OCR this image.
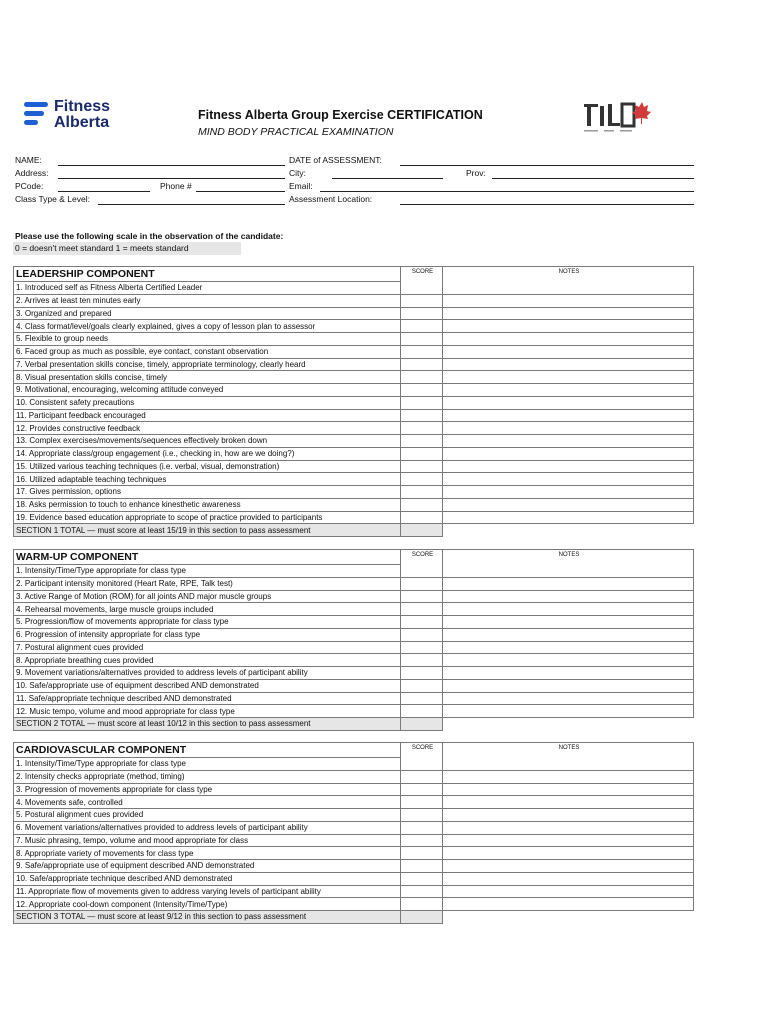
Fitness
Alberta	Fitness Alberta Group Exercise CERTIFICATION
MIND BODY PRACTICAL EXAMINATION
NAME:
Address:
PCode:	Phone #
Class Type & Level:
DATE of ASSESSMENT:
City:	Prov:
Email:
Assessment Location:
Please use the following scale in the observation of the candidate:
0 = doesn't meet standard 1 = meets standard
LEADERSHIP COMPONENT	SCORE	NOTES
1. Introduced self as Fitness Alberta Certified Leader		
2. Arrives at least ten minutes early		
3. Organized and prepared		
4. Class format/level/goals clearly explained, gives a copy of lesson plan to assessor		
5. Flexible to group needs		
6. Faced group as much as possible, eye contact, constant observation		
7. Verbal presentation skills concise, timely, appropriate terminology, clearly heard		
8. Visual presentation skills concise, timely		
9. Motivational, encouraging, welcoming attitude conveyed		
10. Consistent safety precautions		
11. Participant feedback encouraged		
12. Provides constructive feedback		
13. Complex exercises/movements/sequences effectively broken down		
14. Appropriate class/group engagement (i.e., checking in, how are we doing?)		
15. Utilized various teaching techniques (i.e. verbal, visual, demonstration)		
16. Utilized adaptable teaching techniques		
17. Gives permission, options		
18. Asks permission to touch to enhance kinesthetic awareness		
19. Evidence based education appropriate to scope of practice provided to participants		
SECTION 1 TOTAL — must score at least 15/19 in this section to pass assessment		
WARM-UP COMPONENT	SCORE	NOTES
1. Intensity/Time/Type appropriate for class type		
2. Participant intensity monitored (Heart Rate, RPE, Talk test)		
3. Active Range of Motion (ROM) for all joints AND major muscle groups		
4. Rehearsal movements, large muscle groups included		
5. Progression/flow of movements appropriate for class type		
6. Progression of intensity appropriate for class type		
7. Postural alignment cues provided		
8. Appropriate breathing cues provided		
9. Movement variations/alternatives provided to address levels of participant ability		
10. Safe/appropriate use of equipment described AND demonstrated		
11. Safe/appropriate technique described AND demonstrated		
12. Music tempo, volume and mood appropriate for class type		
SECTION 2 TOTAL — must score at least 10/12 in this section to pass assessment		
CARDIOVASCULAR COMPONENT	SCORE	NOTES
1. Intensity/Time/Type appropriate for class type		
2. Intensity checks appropriate (method, timing)		
3. Progression of movements appropriate for class type		
4. Movements safe, controlled		
5. Postural alignment cues provided		
6. Movement variations/alternatives provided to address levels of participant ability		
7. Music phrasing, tempo, volume and mood appropriate for class		
8. Appropriate variety of movements for class type		
9. Safe/appropriate use of equipment described AND demonstrated		
10. Safe/appropriate technique described AND demonstrated		
11. Appropriate flow of movements given to address varying levels of participant ability		
12. Appropriate cool-down component (Intensity/Time/Type)		
SECTION 3 TOTAL — must score at least 9/12 in this section to pass assessment		
